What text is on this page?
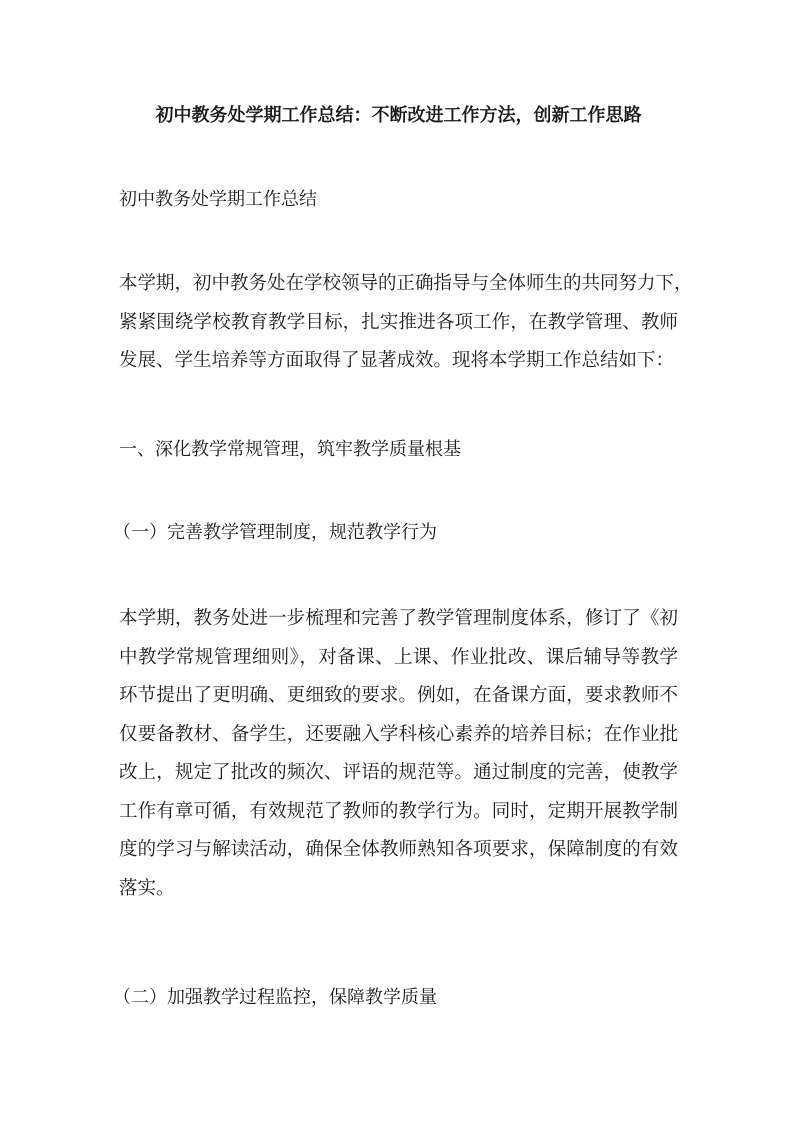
初中教务处学期工作总结：不断改进工作方法，创新工作思路
初中教务处学期工作总结
本学期，初中教务处在学校领导的正确指导与全体师生的共同努力下，
紧紧围绕学校教育教学目标，扎实推进各项工作，在教学管理、教师
发展、学生培养等方面取得了显著成效。现将本学期工作总结如下：
一、深化教学常规管理，筑牢教学质量根基
（一）完善教学管理制度，规范教学行为
本学期，教务处进一步梳理和完善了教学管理制度体系，修订了《初
中教学常规管理细则》，对备课、上课、作业批改、课后辅导等教学
环节提出了更明确、更细致的要求。例如，在备课方面，要求教师不
仅要备教材、备学生，还要融入学科核心素养的培养目标；在作业批
改上，规定了批改的频次、评语的规范等。通过制度的完善，使教学
工作有章可循，有效规范了教师的教学行为。同时，定期开展教学制
度的学习与解读活动，确保全体教师熟知各项要求，保障制度的有效
落实。
（二）加强教学过程监控，保障教学质量
